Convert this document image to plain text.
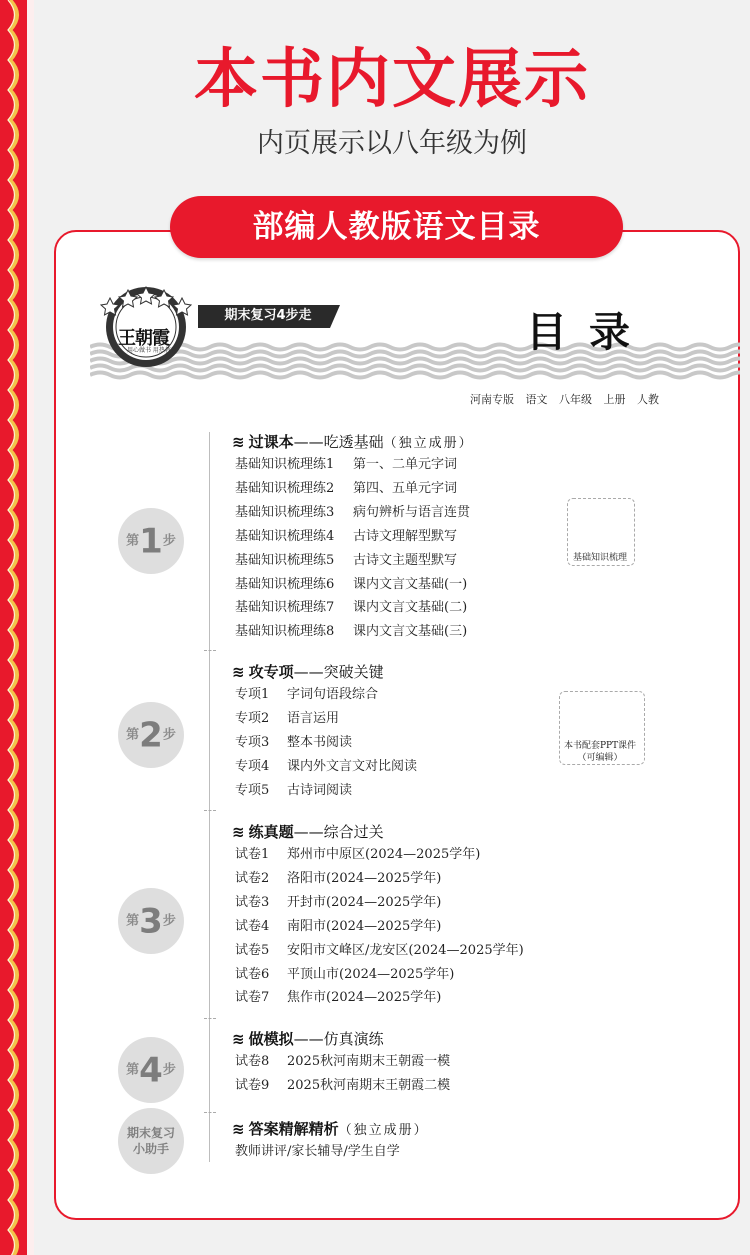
本书内文展示
内页展示以八年级为例
部编人教版语文目录
王朝霞
用心做书 用热教育
期末复习4步走	目录
河南专版 语文 八年级 上册 人教
第1步
第2步
第3步
第4步
期末复习
小助手
基础知识梳理
本书配套PPT课件
（可编辑）
≋ 过课本——吃透基础（独立成册）
基础知识梳理练1 第一、二单元字词
基础知识梳理练2 第四、五单元字词
基础知识梳理练3 病句辨析与语言连贯
基础知识梳理练4 古诗文理解型默写
基础知识梳理练5 古诗文主题型默写
基础知识梳理练6 课内文言文基础(一)
基础知识梳理练7 课内文言文基础(二)
基础知识梳理练8 课内文言文基础(三)
≋ 攻专项——突破关键
专项1 字词句语段综合
专项2 语言运用
专项3 整本书阅读
专项4 课内外文言文对比阅读
专项5 古诗词阅读
≋ 练真题——综合过关
试卷1 郑州市中原区(2024—2025学年)
试卷2 洛阳市(2024—2025学年)
试卷3 开封市(2024—2025学年)
试卷4 南阳市(2024—2025学年)
试卷5 安阳市文峰区/龙安区(2024—2025学年)
试卷6 平顶山市(2024—2025学年)
试卷7 焦作市(2024—2025学年)
≋ 做模拟——仿真演练
试卷8 2025秋河南期末王朝霞一模
试卷9 2025秋河南期末王朝霞二模
≋ 答案精解精析（独立成册）
教师讲评/家长辅导/学生自学
